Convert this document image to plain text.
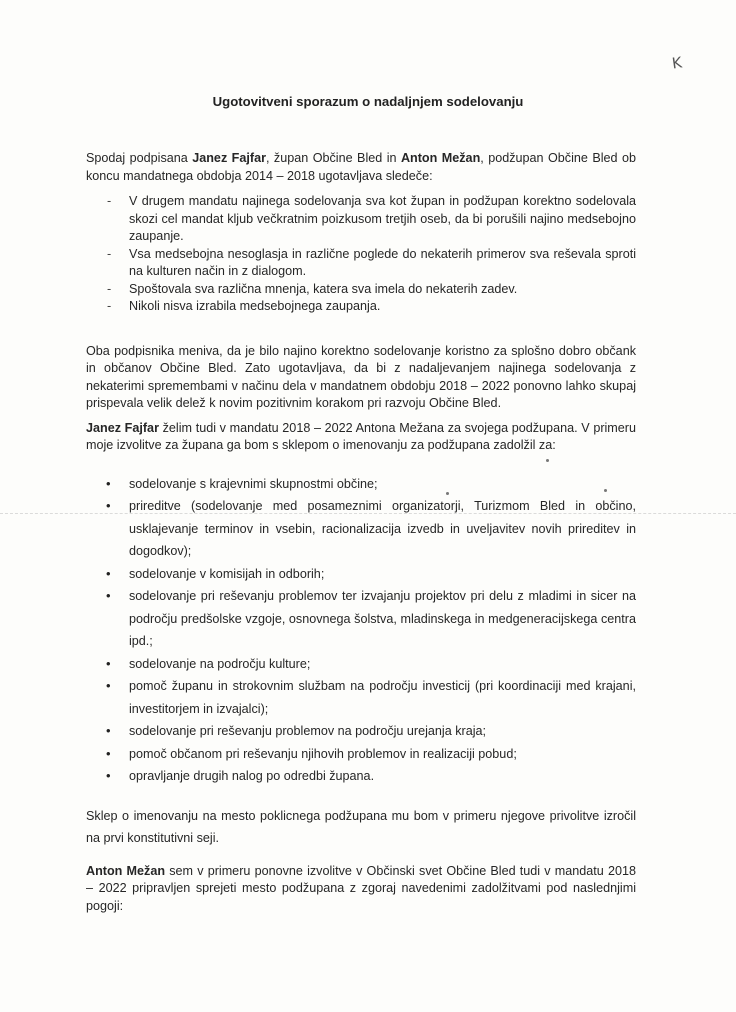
K
Ugotovitveni sporazum o nadaljnjem sodelovanju

Spodaj podpisana Janez Fajfar, župan Občine Bled in Anton Mežan, podžupan Občine Bled ob koncu mandatnega obdobja 2014 – 2018 ugotavljava sledeče:

- V drugem mandatu najinega sodelovanja sva kot župan in podžupan korektno sodelovala skozi cel mandat kljub večkratnim poizkusom tretjih oseb, da bi porušili najino medsebojno zaupanje.
- Vsa medsebojna nesoglasja in različne poglede do nekaterih primerov sva reševala sproti na kulturen način in z dialogom.
- Spoštovala sva različna mnenja, katera sva imela do nekaterih zadev.
- Nikoli nisva izrabila medsebojnega zaupanja.

Oba podpisnika meniva, da je bilo najino korektno sodelovanje koristno za splošno dobro občank in občanov Občine Bled. Zato ugotavljava, da bi z nadaljevanjem najinega sodelovanja z nekaterimi spremembami v načinu dela v mandatnem obdobju 2018 – 2022 ponovno lahko skupaj prispevala velik delež k novim pozitivnim korakom pri razvoju Občine Bled.

Janez Fajfar želim tudi v mandatu 2018 – 2022 Antona Mežana za svojega podžupana. V primeru moje izvolitve za župana ga bom s sklepom o imenovanju za podžupana zadolžil za:

• sodelovanje s krajevnimi skupnostmi občine;
• prireditve (sodelovanje med posameznimi organizatorji, Turizmom Bled in občino, usklajevanje terminov in vsebin, racionalizacija izvedb in uveljavitev novih prireditev in dogodkov);
• sodelovanje v komisijah in odborih;
• sodelovanje pri reševanju problemov ter izvajanju projektov pri delu z mladimi in sicer na področju predšolske vzgoje, osnovnega šolstva, mladinskega in medgeneracijskega centra ipd.;
• sodelovanje na področju kulture;
• pomoč županu in strokovnim službam na področju investicij (pri koordinaciji med krajani, investitorjem in izvajalci);
• sodelovanje pri reševanju problemov na področju urejanja kraja;
• pomoč občanom pri reševanju njihovih problemov in realizaciji pobud;
• opravljanje drugih nalog po odredbi župana.

Sklep o imenovanju na mesto poklicnega podžupana mu bom v primeru njegove privolitve izročil na prvi konstitutivni seji.

Anton Mežan sem v primeru ponovne izvolitve v Občinski svet Občine Bled tudi v mandatu 2018 – 2022 pripravljen sprejeti mesto podžupana z zgoraj navedenimi zadolžitvami pod naslednjimi pogoji:
